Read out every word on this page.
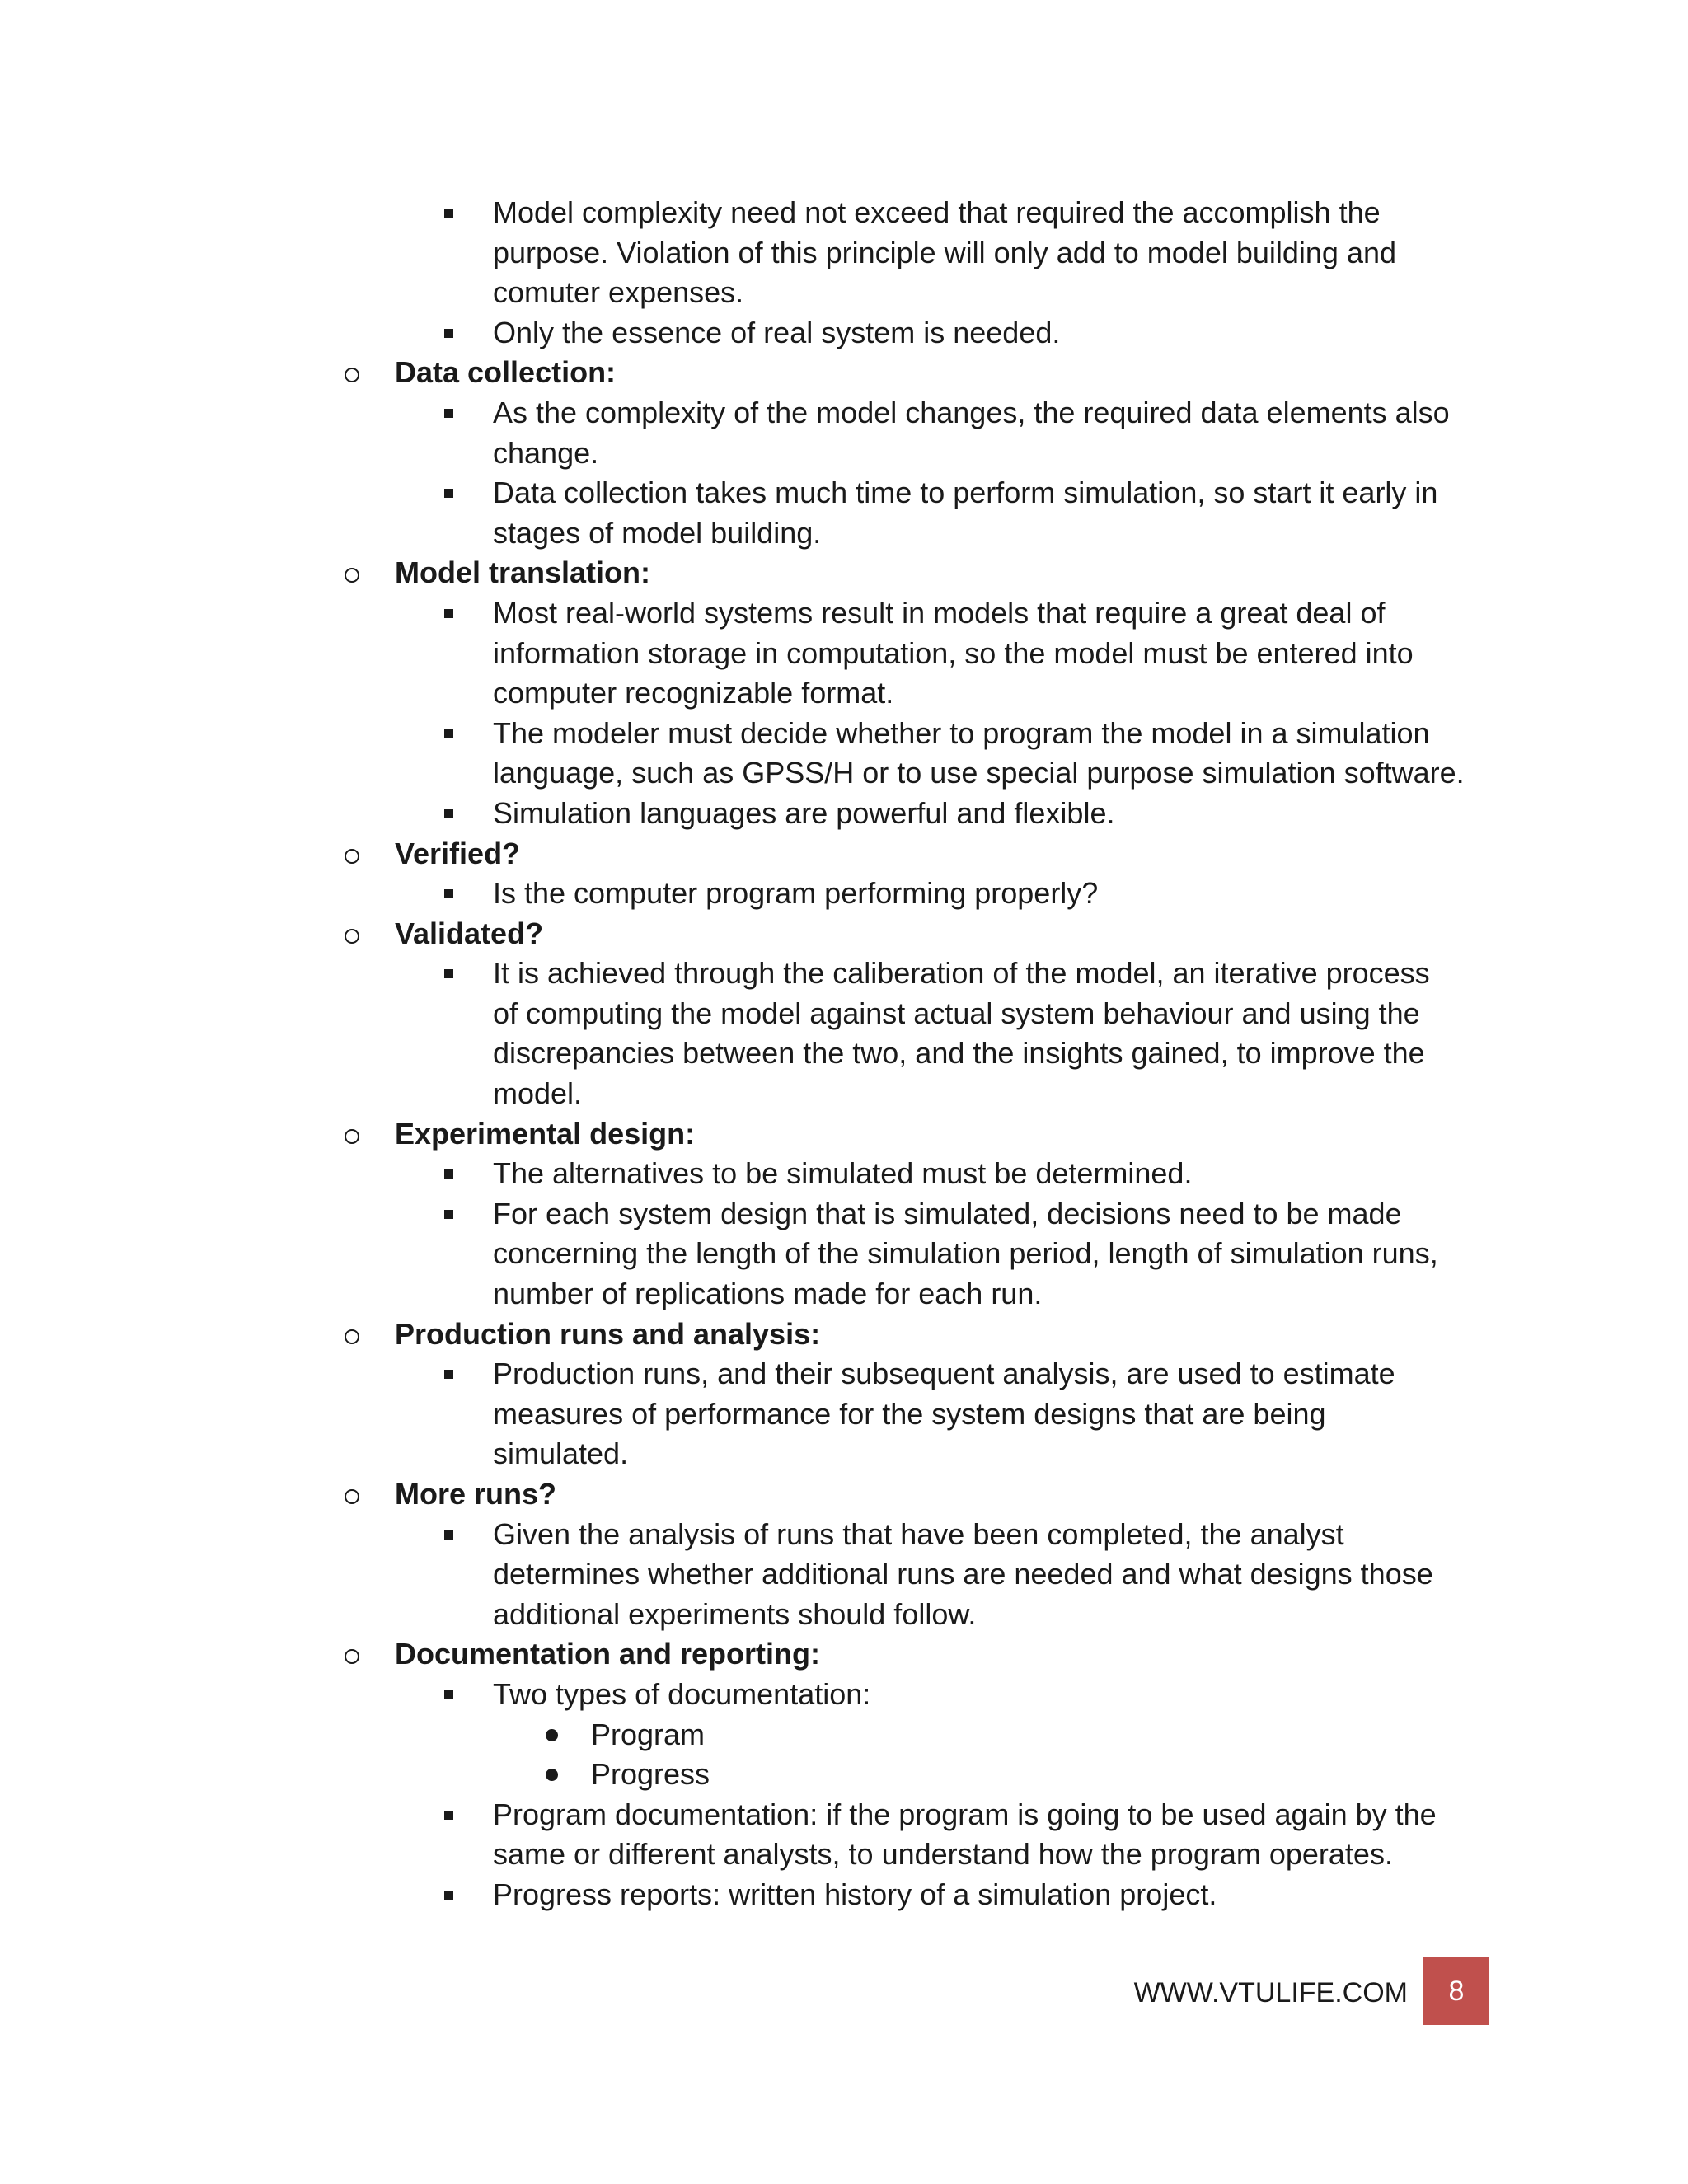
Model complexity need not exceed that required the accomplish the
purpose. Violation of this principle will only add to model building and
comuter expenses.
Only the essence of real system is needed.
Data collection:
As the complexity of the model changes, the required data elements also
change.
Data collection takes much time to perform simulation, so start it early in
stages of model building.
Model translation:
Most real-world systems result in models that require a great deal of
information storage in computation, so the model must be entered into
computer recognizable format.
The modeler must decide whether to program the model in a simulation
language, such as GPSS/H or to use special purpose simulation software.
Simulation languages are powerful and flexible.
Verified?
Is the computer program performing properly?
Validated?
It is achieved through the caliberation of the model, an iterative process
of computing the model against actual system behaviour and using the
discrepancies between the two, and the insights gained, to improve the
model.
Experimental design:
The alternatives to be simulated must be determined.
For each system design that is simulated, decisions need to be made
concerning the length of the simulation period, length of simulation runs,
number of replications made for each run.
Production runs and analysis:
Production runs, and their subsequent analysis, are used to estimate
measures of performance for the system designs that are being
simulated.
More runs?
Given the analysis of runs that have been completed, the analyst
determines whether additional runs are needed and what designs those
additional experiments should follow.
Documentation and reporting:
Two types of documentation:
Program
Progress
Program documentation: if the program is going to be used again by the
same or different analysts, to understand how the program operates.
Progress reports: written history of a simulation project.
WWW.VTULIFE.COM	8
